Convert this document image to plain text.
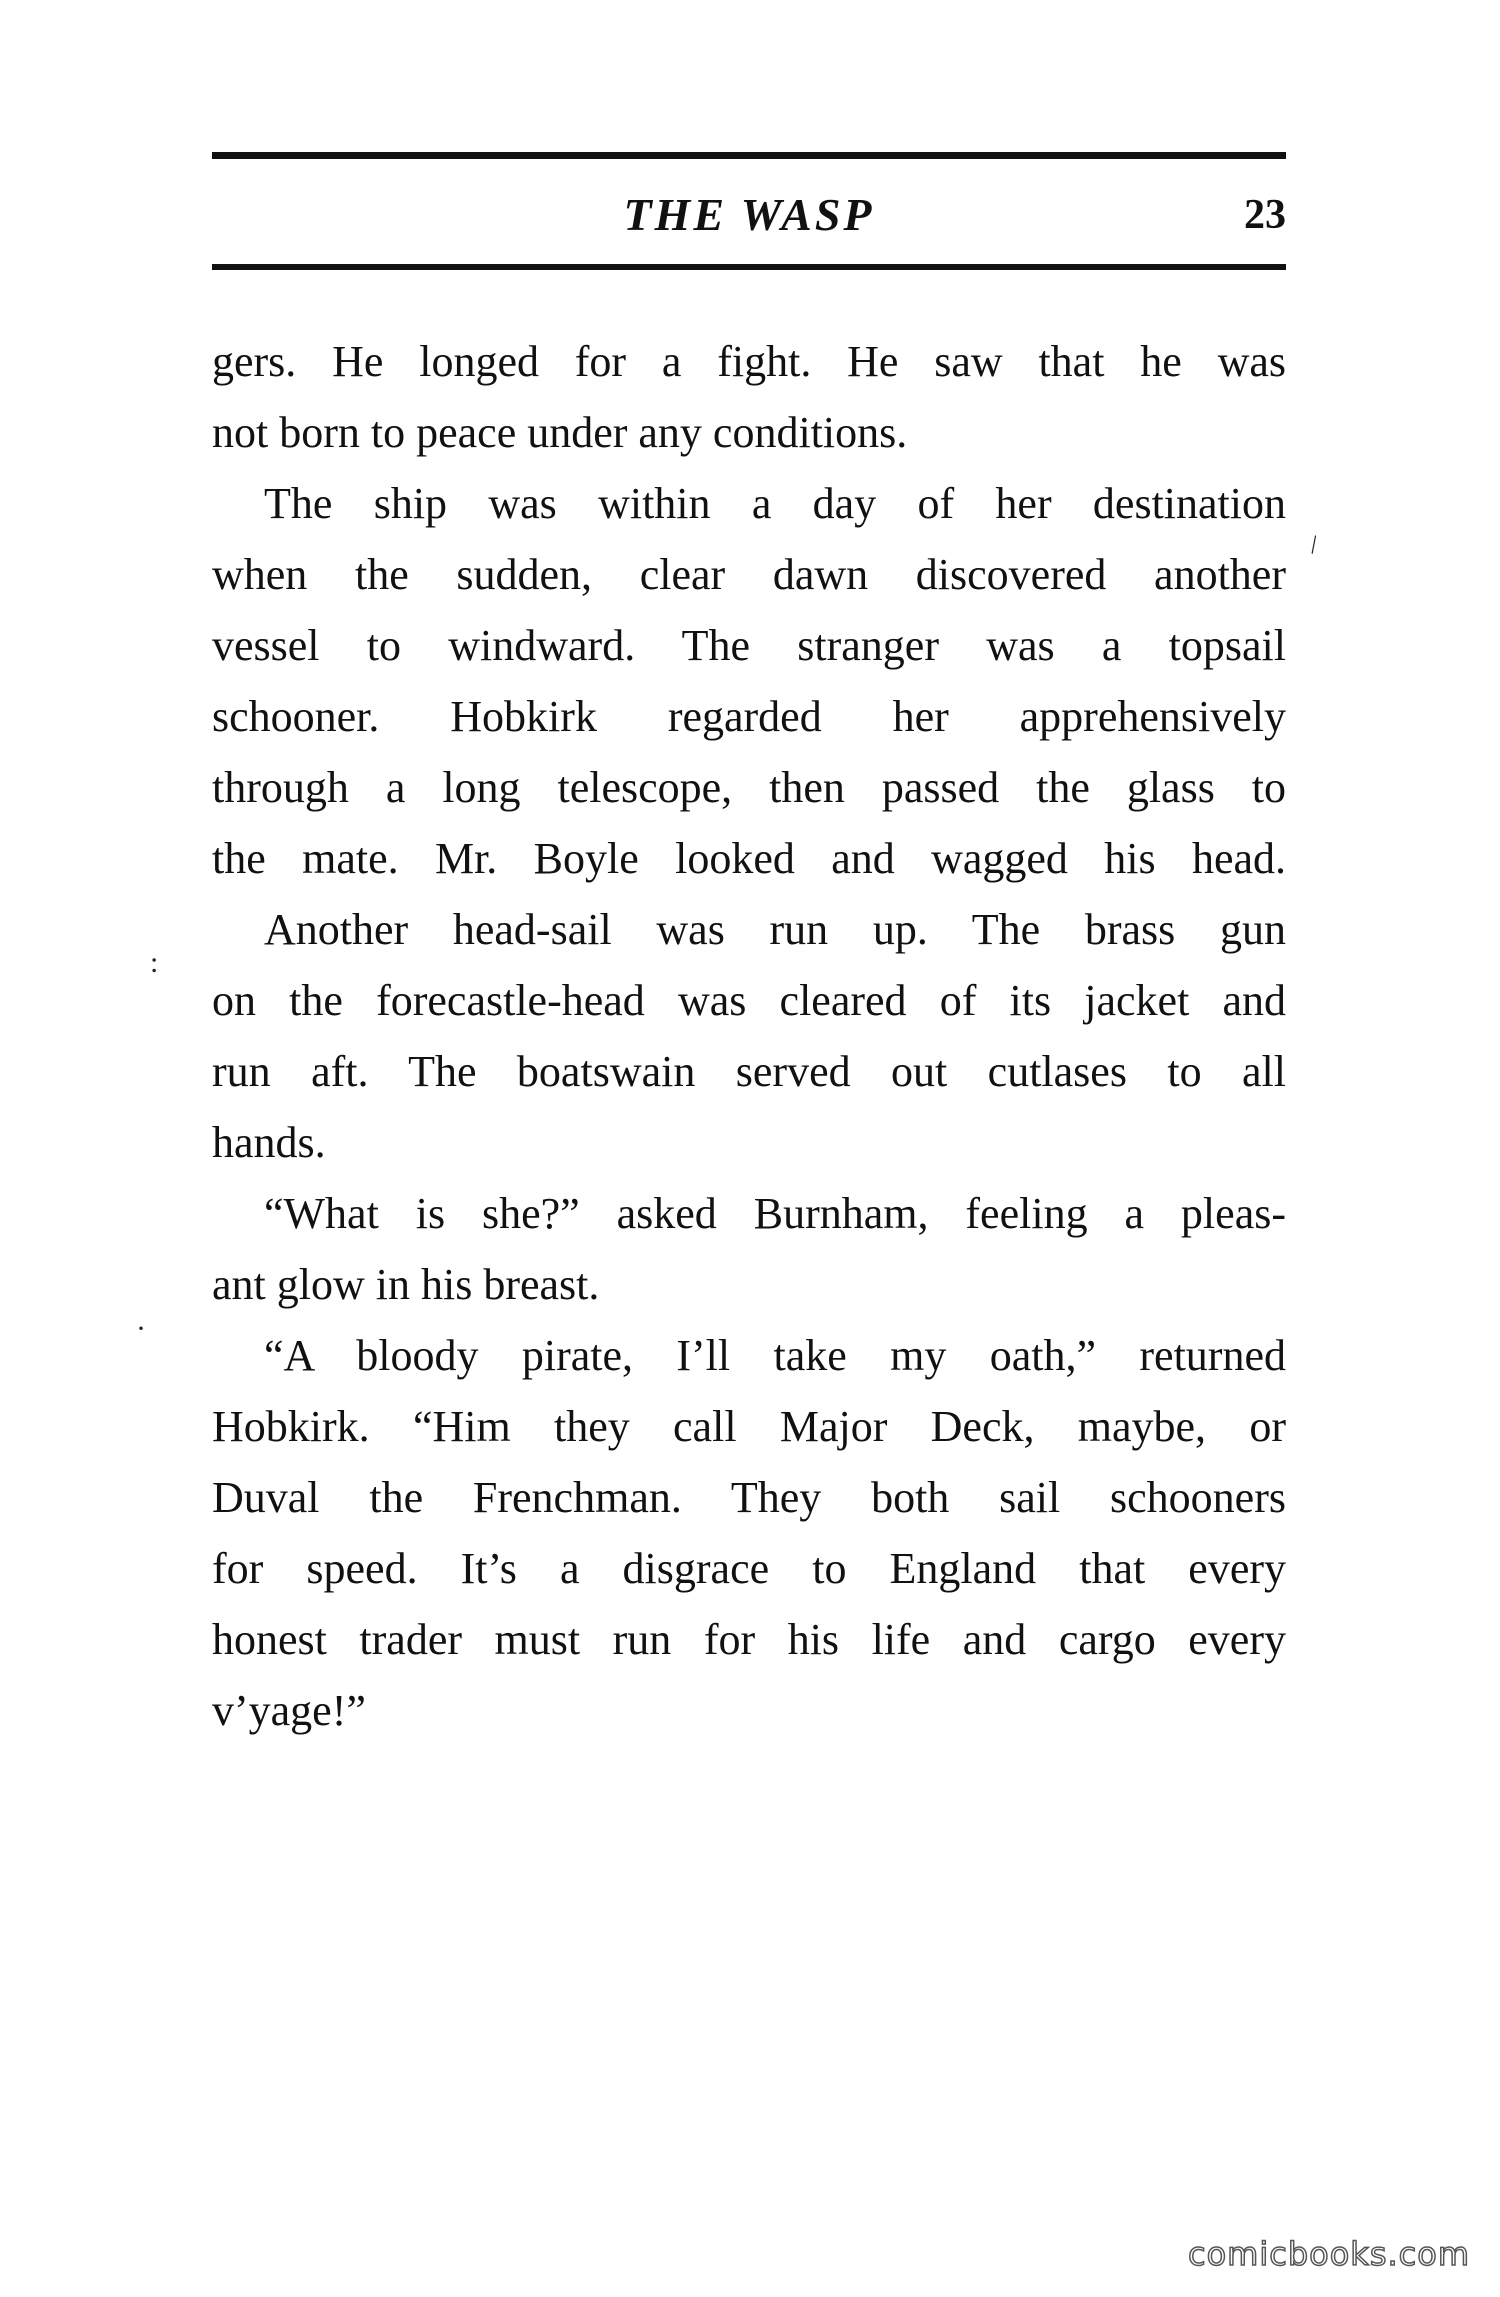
THE WASP	23
gers. He longed for a fight. He saw that he was
not born to peace under any conditions.
The ship was within a day of her destination
when the sudden, clear dawn discovered another
vessel to windward. The stranger was a topsail
schooner. Hobkirk regarded her apprehensively
through a long telescope, then passed the glass to
the mate. Mr. Boyle looked and wagged his head.
Another head-sail was run up. The brass gun
on the forecastle-head was cleared of its jacket and
run aft. The boatswain served out cutlases to all
hands.
“What is she?” asked Burnham, feeling a pleas-
ant glow in his breast.
“A bloody pirate, I’ll take my oath,” returned
Hobkirk. “Him they call Major Deck, maybe, or
Duval the Frenchman. They both sail schooners
for speed. It’s a disgrace to England that every
honest trader must run for his life and cargo every
v’yage!”
\
:
·
comicbooks.com
